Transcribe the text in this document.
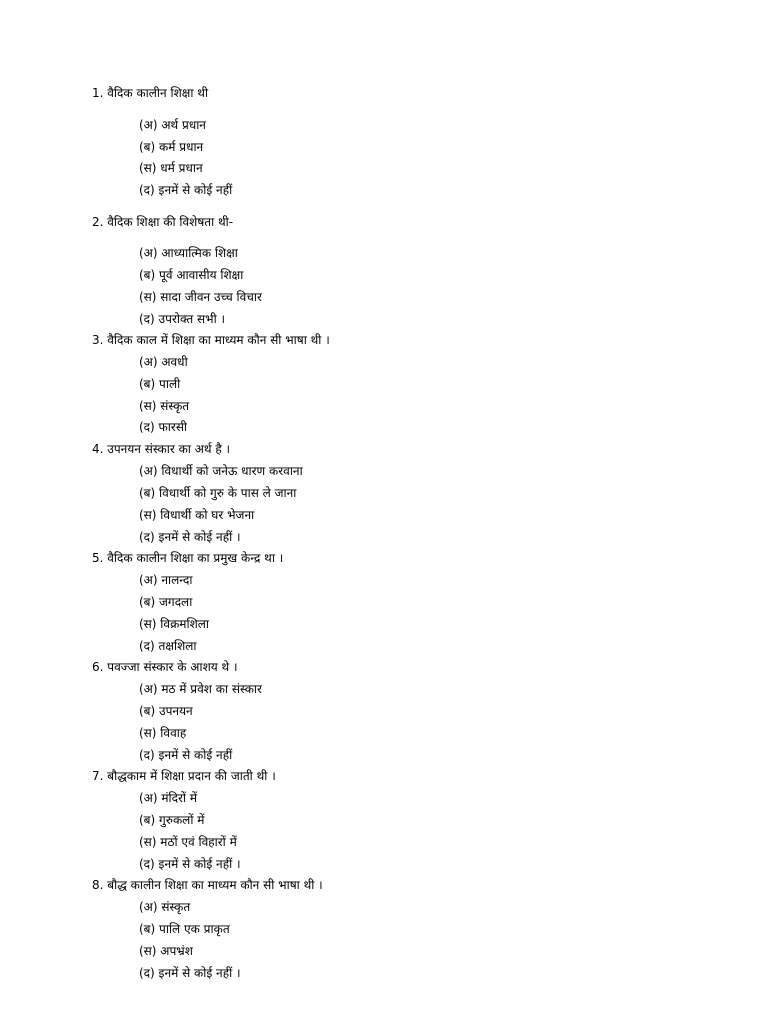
1. वैदिक कालीन शिक्षा थी
(अ) अर्थ प्रधान
(ब) कर्म प्रधान
(स) धर्म प्रधान
(द) इनमें से कोई नहीं
2. वैदिक शिक्षा की विशेषता थी-
(अ) आध्यात्मिक शिक्षा
(ब) पूर्व आवासीय शिक्षा
(स) सादा जीवन उच्च विचार
(द) उपरोक्त सभी ।
3. वैदिक काल में शिक्षा का माध्यम कौन सी भाषा थी ।
(अ) अवधी
(ब) पाली
(स) संस्कृत
(द) फारसी
4. उपनयन संस्कार का अर्थ है ।
(अ) विधार्थी को जनेऊ धारण करवाना
(ब) विधार्थी को गुरु के पास ले जाना
(स) विधार्थी को घर भेजना
(द) इनमें से कोई नहीं ।
5. वैदिक कालीन शिक्षा का प्रमुख केन्द्र था ।
(अ) नालन्दा
(ब) जगदला
(स) विक्रमशिला
(द) तक्षशिला
6. पवज्जा संस्कार के आशय थे ।
(अ) मठ में प्रवेश का संस्कार
(ब) उपनयन
(स) विवाह
(द) इनमें से कोई नहीं
7. बौद्धकाम में शिक्षा प्रदान की जाती थी ।
(अ) मंदिरों में
(ब) गुरुकलों में
(स) मठों एवं विहारों में
(द) इनमें से कोई नहीं ।
8. बौद्ध कालीन शिक्षा का माध्यम कौन सी भाषा थी ।
(अ) संस्कृत
(ब) पालि एक प्राकृत
(स) अपभ्रंश
(द) इनमें से कोई नहीं ।
